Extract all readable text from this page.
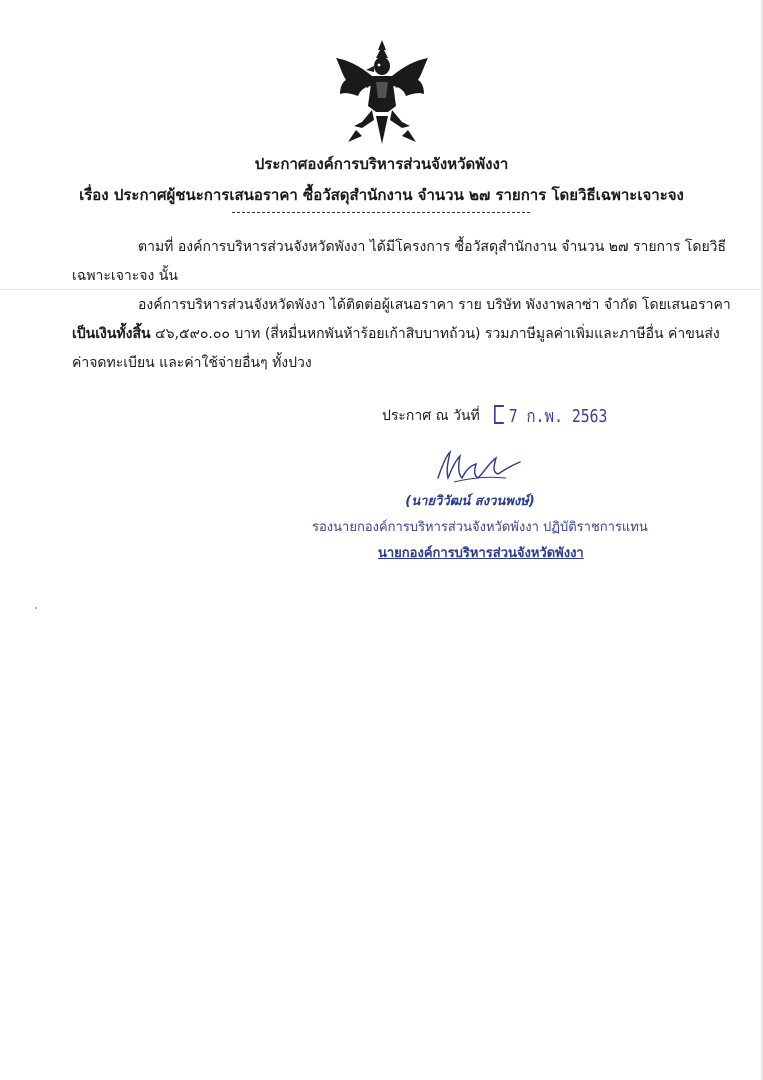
ประกาศองค์การบริหารส่วนจังหวัดพังงา
เรื่อง ประกาศผู้ชนะการเสนอราคา ซื้อวัสดุสำนักงาน จำนวน ๒๗ รายการ โดยวิธีเฉพาะเจาะจง
ตามที่ องค์การบริหารส่วนจังหวัดพังงา ได้มีโครงการ ซื้อวัสดุสำนักงาน จำนวน ๒๗ รายการ โดยวิธี
เฉพาะเจาะจง นั้น
องค์การบริหารส่วนจังหวัดพังงา ได้ติดต่อผู้เสนอราคา ราย บริษัท พังงาพลาซ่า จำกัด โดยเสนอราคา
เป็นเงินทั้งสิ้น ๔๖,๕๙๐.๐๐ บาท (สี่หมื่นหกพันห้าร้อยเก้าสิบบาทถ้วน) รวมภาษีมูลค่าเพิ่มและภาษีอื่น ค่าขนส่ง
ค่าจดทะเบียน และค่าใช้จ่ายอื่นๆ ทั้งปวง
ประกาศ ณ วันที่	7 ก.พ. 2563
(นายวิวัฒน์ สงวนพงษ์)
รองนายกองค์การบริหารส่วนจังหวัดพังงา ปฏิบัติราชการแทน
นายกองค์การบริหารส่วนจังหวัดพังงา
